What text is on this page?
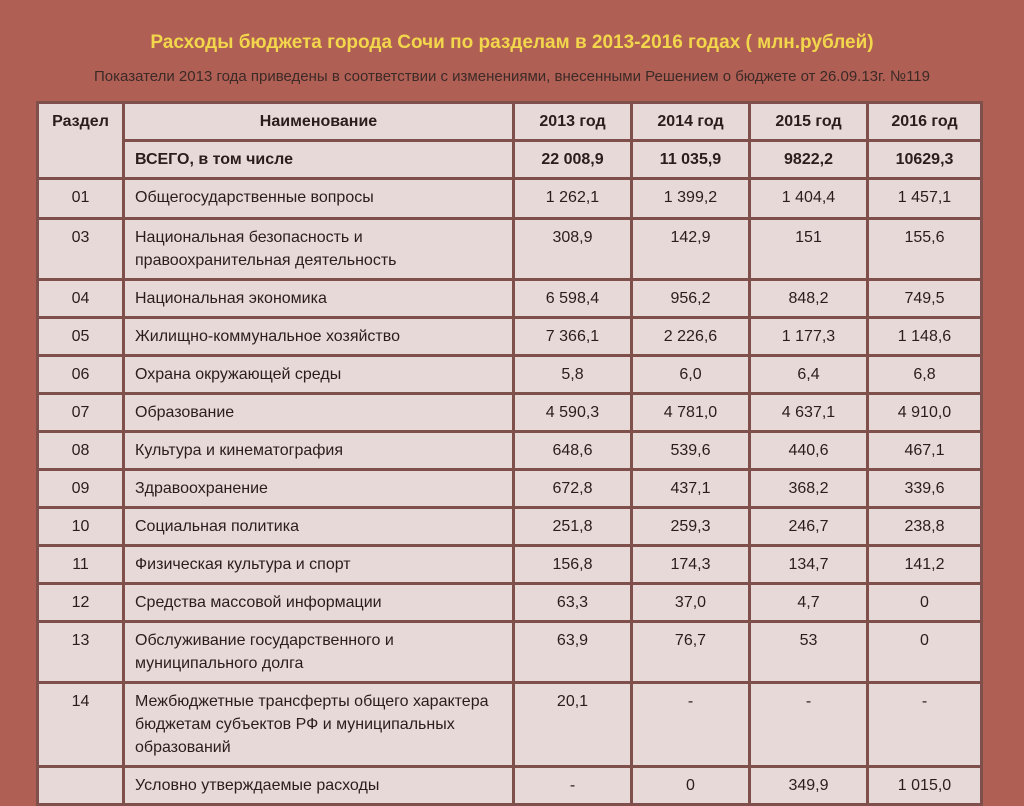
Расходы бюджета города Сочи по разделам в 2013-2016 годах ( млн.рублей)
Показатели 2013 года приведены в соответствии с изменениями, внесенными Решением о бюджете от 26.09.13г. №119
Раздел	Наименование	2013 год	2014 год	2015 год	2016 год
	ВСЕГО, в том числе	22 008,9	11 035,9	9822,2	10629,3
01	Общегосударственные вопросы	1 262,1	1 399,2	1 404,4	1 457,1
03	Национальная безопасность и правоохранительная деятельность	308,9	142,9	151	155,6
04	Национальная экономика	6 598,4	956,2	848,2	749,5
05	Жилищно-коммунальное хозяйство	7 366,1	2 226,6	1 177,3	1 148,6
06	Охрана окружающей среды	5,8	6,0	6,4	6,8
07	Образование	4 590,3	4 781,0	4 637,1	4 910,0
08	Культура и кинематография	648,6	539,6	440,6	467,1
09	Здравоохранение	672,8	437,1	368,2	339,6
10	Социальная политика	251,8	259,3	246,7	238,8
11	Физическая культура и спорт	156,8	174,3	134,7	141,2
12	Средства массовой информации	63,3	37,0	4,7	0
13	Обслуживание государственного и муниципального долга	63,9	76,7	53	0
14	Межбюджетные трансферты общего характера бюджетам субъектов РФ и муниципальных образований	20,1	-	-	-
	Условно утверждаемые расходы	-	0	349,9	1 015,0
